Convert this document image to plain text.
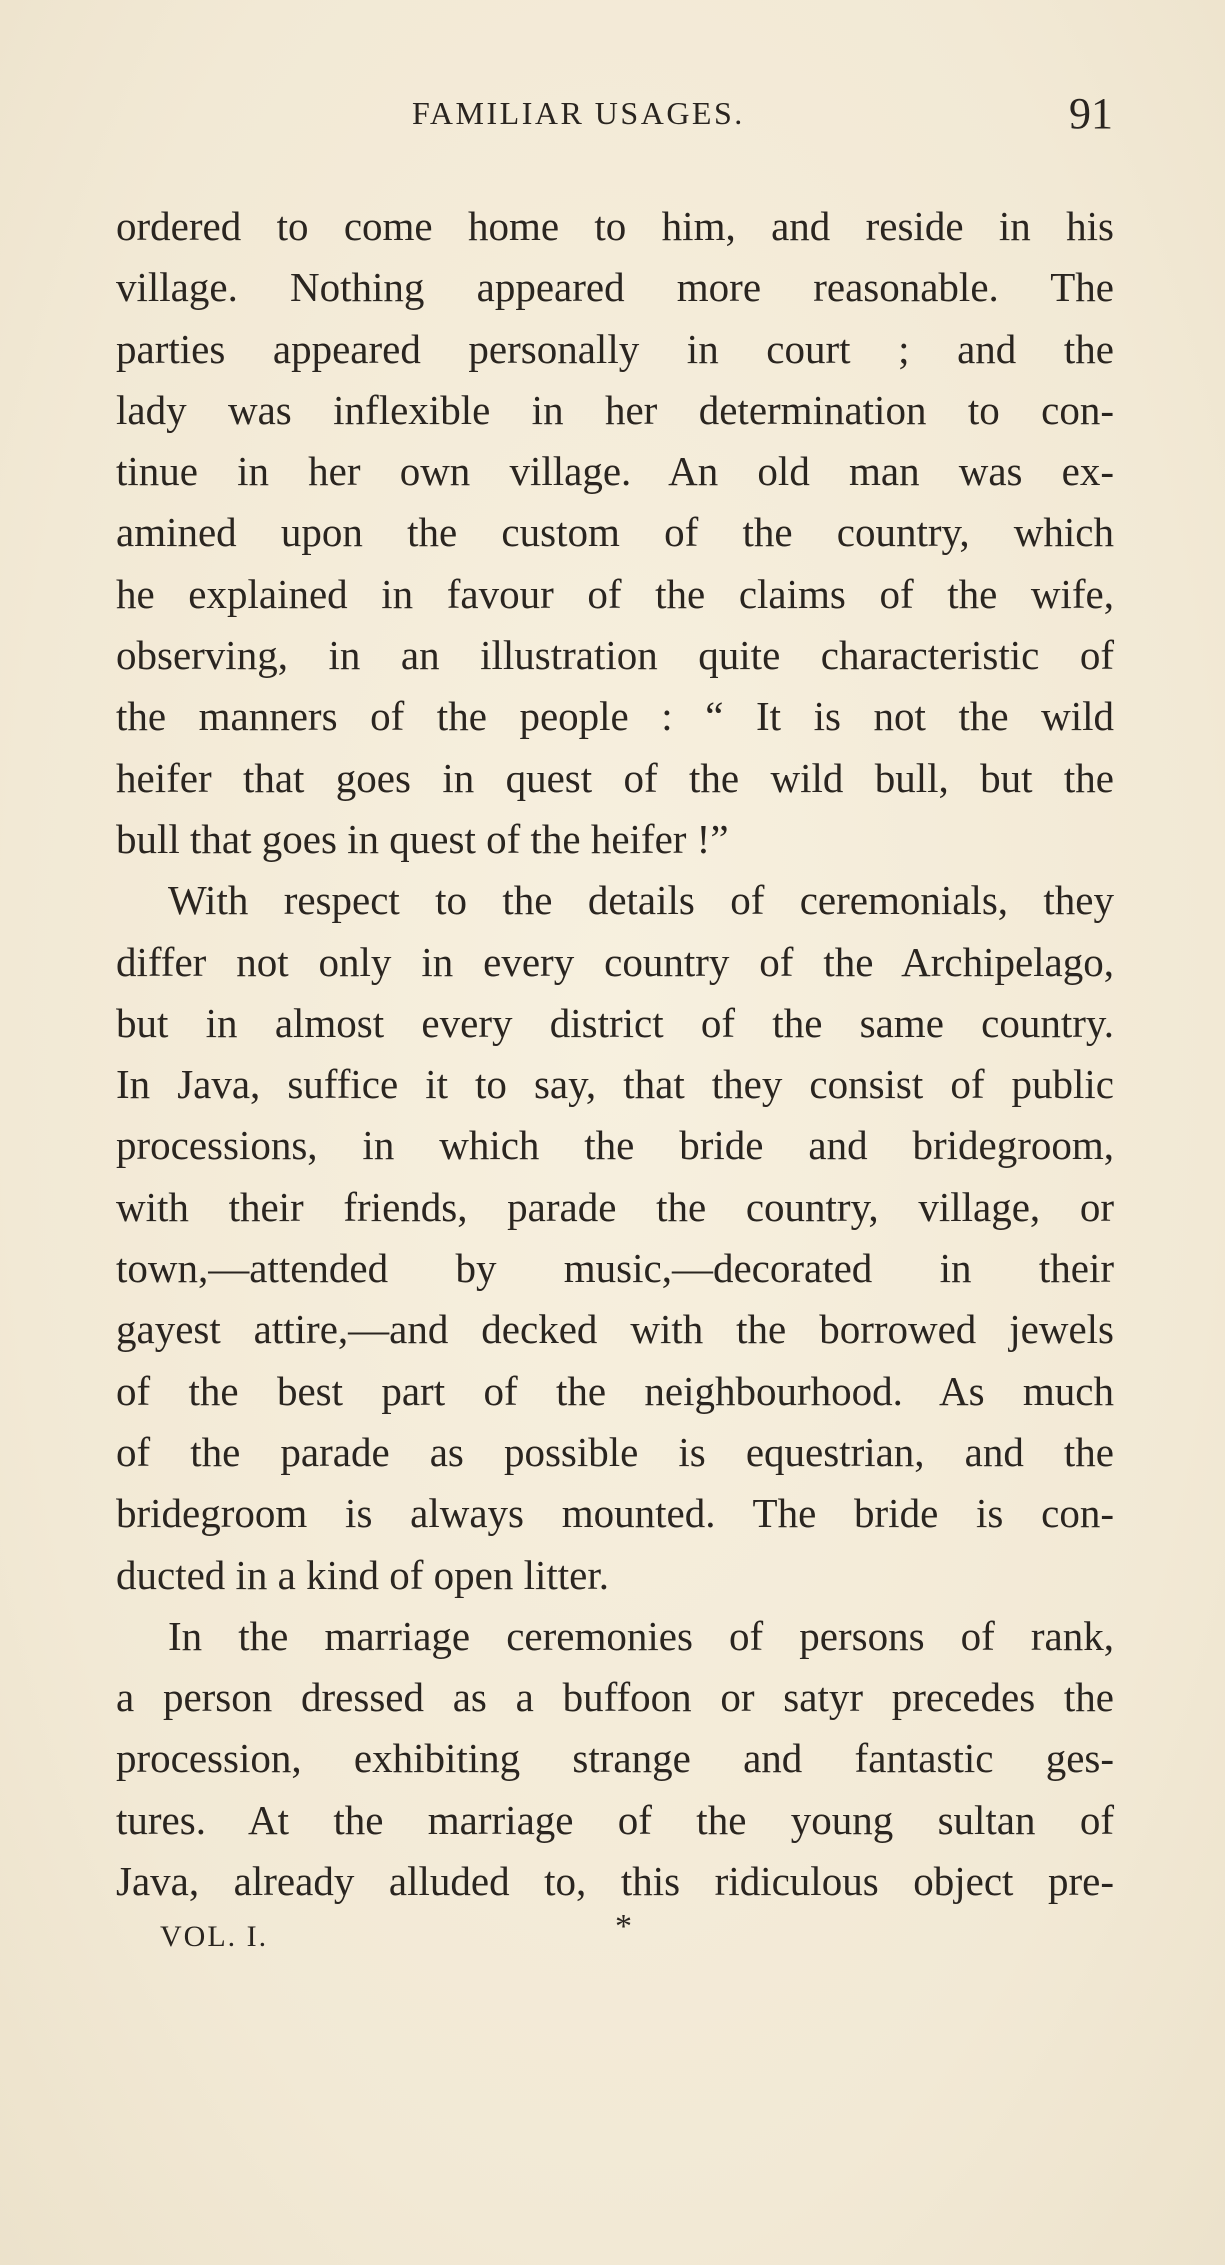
FAMILIAR USAGES.	91
ordered to come home to him, and reside in his
village. Nothing appeared more reasonable. The
parties appeared personally in court ; and the
lady was inflexible in her determination to con-
tinue in her own village. An old man was ex-
amined upon the custom of the country, which
he explained in favour of the claims of the wife,
observing, in an illustration quite characteristic of
the manners of the people : “ It is not the wild
heifer that goes in quest of the wild bull, but the
bull that goes in quest of the heifer !”
With respect to the details of ceremonials, they
differ not only in every country of the Archipelago,
but in almost every district of the same country.
In Java, suffice it to say, that they consist of public
processions, in which the bride and bridegroom,
with their friends, parade the country, village, or
town,—attended by music,—decorated in their
gayest attire,—and decked with the borrowed jewels
of the best part of the neighbourhood. As much
of the parade as possible is equestrian, and the
bridegroom is always mounted. The bride is con-
ducted in a kind of open litter.
In the marriage ceremonies of persons of rank,
a person dressed as a buffoon or satyr precedes the
procession, exhibiting strange and fantastic ges-
tures. At the marriage of the young sultan of
Java, already alluded to, this ridiculous object pre-
VOL. I.	*
